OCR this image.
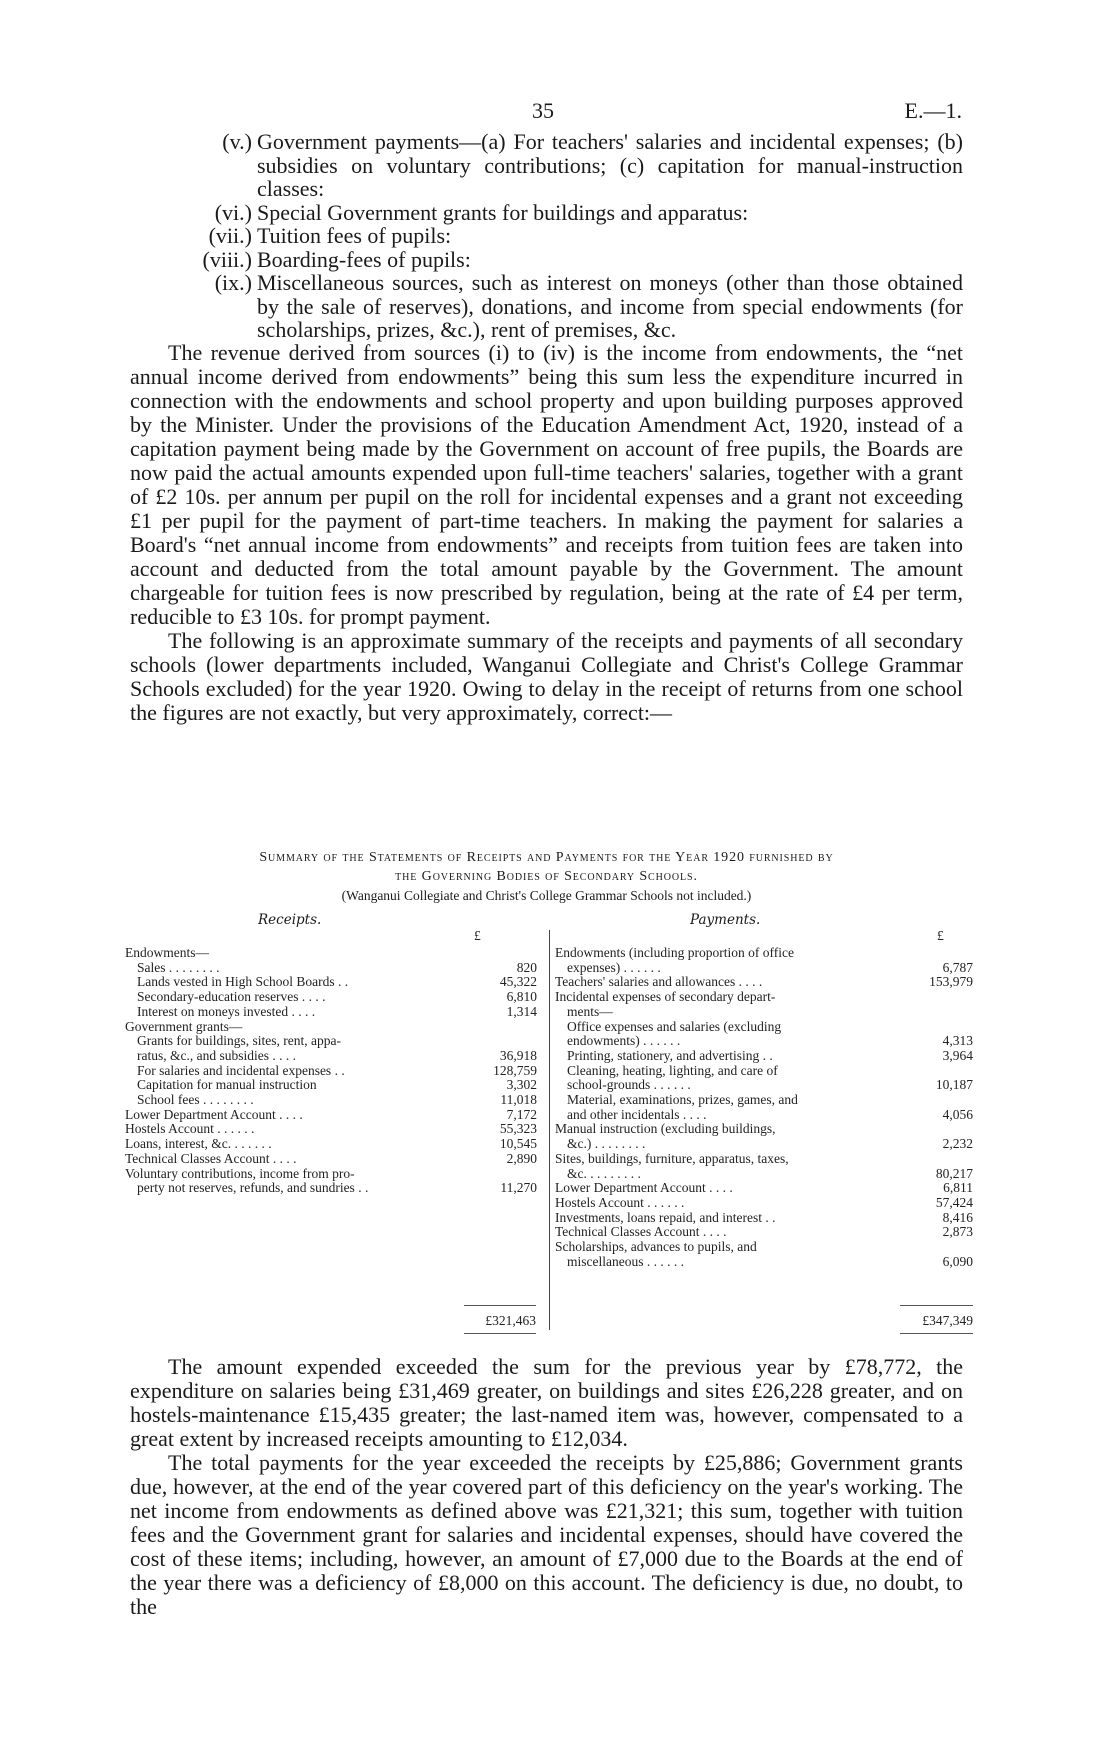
35	E.—1.
(v.) Government payments—(a) For teachers' salaries and incidental expenses; (b) subsidies on voluntary contributions; (c) capitation for manual-instruction classes:
(vi.) Special Government grants for buildings and apparatus:
(vii.) Tuition fees of pupils:
(viii.) Boarding-fees of pupils:
(ix.) Miscellaneous sources, such as interest on moneys (other than those obtained by the sale of reserves), donations, and income from special endowments (for scholarships, prizes, &c.), rent of premises, &c.

The revenue derived from sources (i) to (iv) is the income from endowments, the “net annual income derived from endowments” being this sum less the expenditure incurred in connection with the endowments and school property and upon building purposes approved by the Minister. Under the provisions of the Education Amendment Act, 1920, instead of a capitation payment being made by the Government on account of free pupils, the Boards are now paid the actual amounts expended upon full-time teachers' salaries, together with a grant of £2 10s. per annum per pupil on the roll for incidental expenses and a grant not exceeding £1 per pupil for the payment of part-time teachers. In making the payment for salaries a Board's “net annual income from endowments” and receipts from tuition fees are taken into account and deducted from the total amount payable by the Government. The amount chargeable for tuition fees is now prescribed by regulation, being at the rate of £4 per term, reducible to £3 10s. for prompt payment.

The following is an approximate summary of the receipts and payments of all secondary schools (lower departments included, Wanganui Collegiate and Christ's College Grammar Schools excluded) for the year 1920. Owing to delay in the receipt of returns from one school the figures are not exactly, but very approximately, correct:—

Summary of the Statements of Receipts and Payments for the Year 1920 furnished by
the Governing Bodies of Secondary Schools.
(Wanganui Collegiate and Christ's College Grammar Schools not included.)
Receipts.	Payments.
£	£
Endowments—
Sales . . . . . . . .	820
Lands vested in High School Boards . .	45,322
Secondary-education reserves . . . .	6,810
Interest on moneys invested . . . .	1,314
Government grants—
Grants for buildings, sites, rent, appa-
ratus, &c., and subsidies . . . .	36,918
For salaries and incidental expenses . .	128,759
Capitation for manual instruction	3,302
School fees . . . . . . . .	11,018
Lower Department Account . . . .	7,172
Hostels Account . . . . . .	55,323
Loans, interest, &c. . . . . . .	10,545
Technical Classes Account . . . .	2,890
Voluntary contributions, income from pro-
perty not reserves, refunds, and sundries . .	11,270
Endowments (including proportion of office
expenses) . . . . . .	6,787
Teachers' salaries and allowances . . . .	153,979
Incidental expenses of secondary depart-
ments—
Office expenses and salaries (excluding
endowments) . . . . . .	4,313
Printing, stationery, and advertising . .	3,964
Cleaning, heating, lighting, and care of
school-grounds . . . . . .	10,187
Material, examinations, prizes, games, and
and other incidentals . . . .	4,056
Manual instruction (excluding buildings,
&c.) . . . . . . . .	2,232
Sites, buildings, furniture, apparatus, taxes,
&c. . . . . . . . .	80,217
Lower Department Account . . . .	6,811
Hostels Account . . . . . .	57,424
Investments, loans repaid, and interest . .	8,416
Technical Classes Account . . . .	2,873
Scholarships, advances to pupils, and
miscellaneous . . . . . .	6,090
£321,463	£347,349

The amount expended exceeded the sum for the previous year by £78,772, the expenditure on salaries being £31,469 greater, on buildings and sites £26,228 greater, and on hostels-maintenance £15,435 greater; the last-named item was, however, compensated to a great extent by increased receipts amounting to £12,034.

The total payments for the year exceeded the receipts by £25,886; Government grants due, however, at the end of the year covered part of this deficiency on the year's working. The net income from endowments as defined above was £21,321; this sum, together with tuition fees and the Government grant for salaries and incidental expenses, should have covered the cost of these items; including, however, an amount of £7,000 due to the Boards at the end of the year there was a deficiency of £8,000 on this account. The deficiency is due, no doubt, to the
